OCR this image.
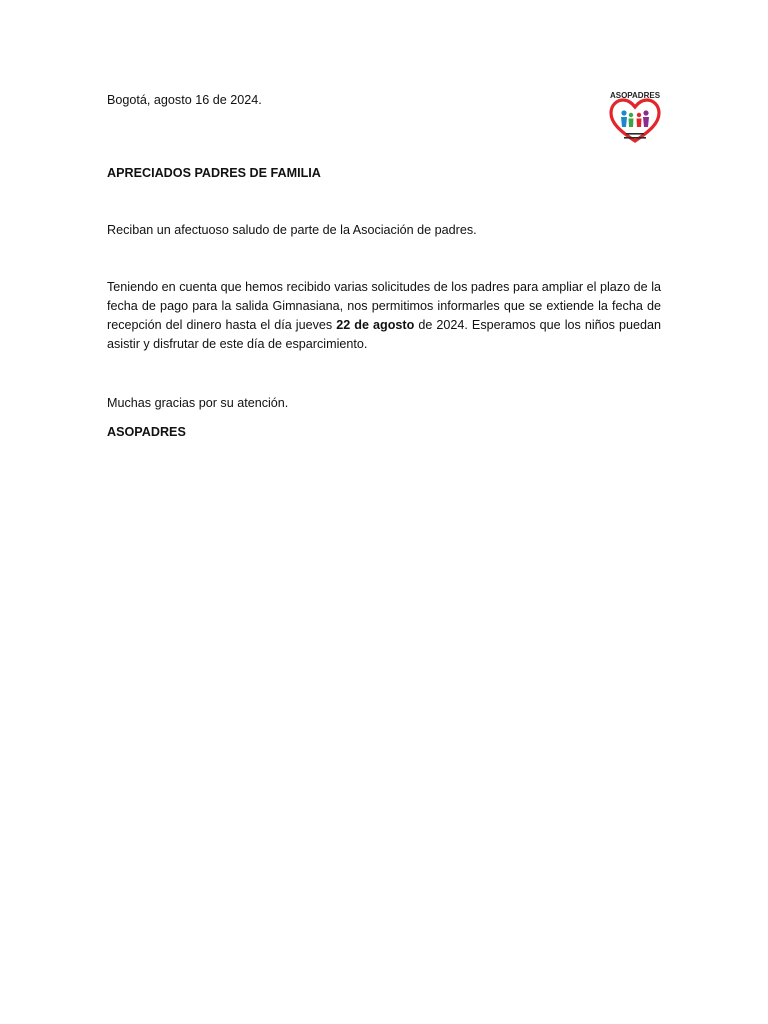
ASOPADRES

Bogotá, agosto 16 de 2024.

APRECIADOS PADRES DE FAMILIA

Reciban un afectuoso saludo de parte de la Asociación de padres.

Teniendo en cuenta que hemos recibido varias solicitudes de los padres para ampliar el plazo de la fecha de pago para la salida Gimnasiana, nos permitimos informarles que se extiende la fecha de recepción del dinero hasta el día jueves 22 de agosto de 2024. Esperamos que los niños puedan asistir y disfrutar de este día de esparcimiento.

Muchas gracias por su atención.

ASOPADRES
